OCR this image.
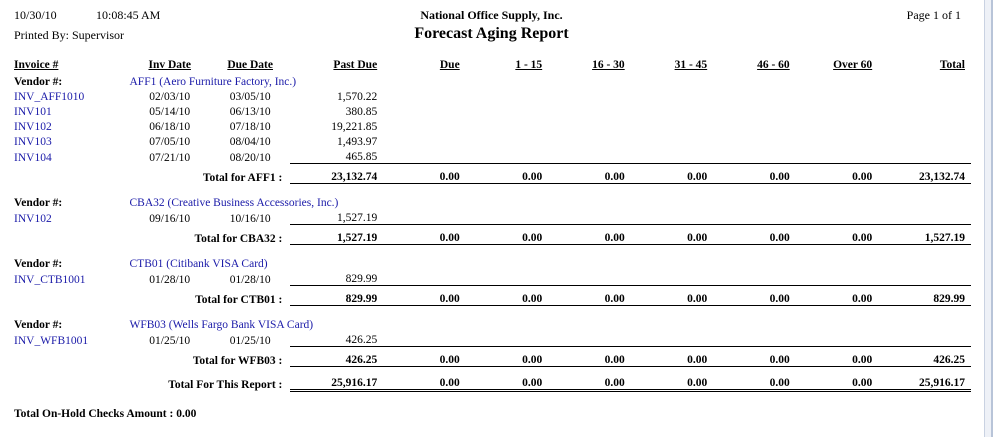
10/30/10	10:08:45 AM
Printed By: Supervisor
National Office Supply, Inc.
Forecast Aging Report
Page 1 of 1
Invoice #	Inv Date	Due Date	Past Due	Due	1 - 15	16 - 30	31 - 45	46 - 60	Over 60	Total
Vendor #:	AFF1 (Aero Furniture Factory, Inc.)									
INV_AFF1010	02/03/10	03/05/10	1,570.22							
INV101	05/14/10	06/13/10	380.85							
INV102	06/18/10	07/18/10	19,221.85							
INV103	07/05/10	08/04/10	1,493.97							
INV104	07/21/10	08/20/10	465.85							
Total for AFF1 :			23,132.74	0.00	0.00	0.00	0.00	0.00	0.00	23,132.74

Vendor #:	CBA32 (Creative Business Accessories, Inc.)									
INV102	09/16/10	10/16/10	1,527.19							
Total for CBA32 :			1,527.19	0.00	0.00	0.00	0.00	0.00	0.00	1,527.19

Vendor #:	CTB01 (Citibank VISA Card)									
INV_CTB1001	01/28/10	01/28/10	829.99							
Total for CTB01 :			829.99	0.00	0.00	0.00	0.00	0.00	0.00	829.99

Vendor #:	WFB03 (Wells Fargo Bank VISA Card)									
INV_WFB1001	01/25/10	01/25/10	426.25							
Total for WFB03 :			426.25	0.00	0.00	0.00	0.00	0.00	0.00	426.25
Total For This Report :			25,916.17	0.00	0.00	0.00	0.00	0.00	0.00	25,916.17
Total On-Hold Checks Amount : 0.00
